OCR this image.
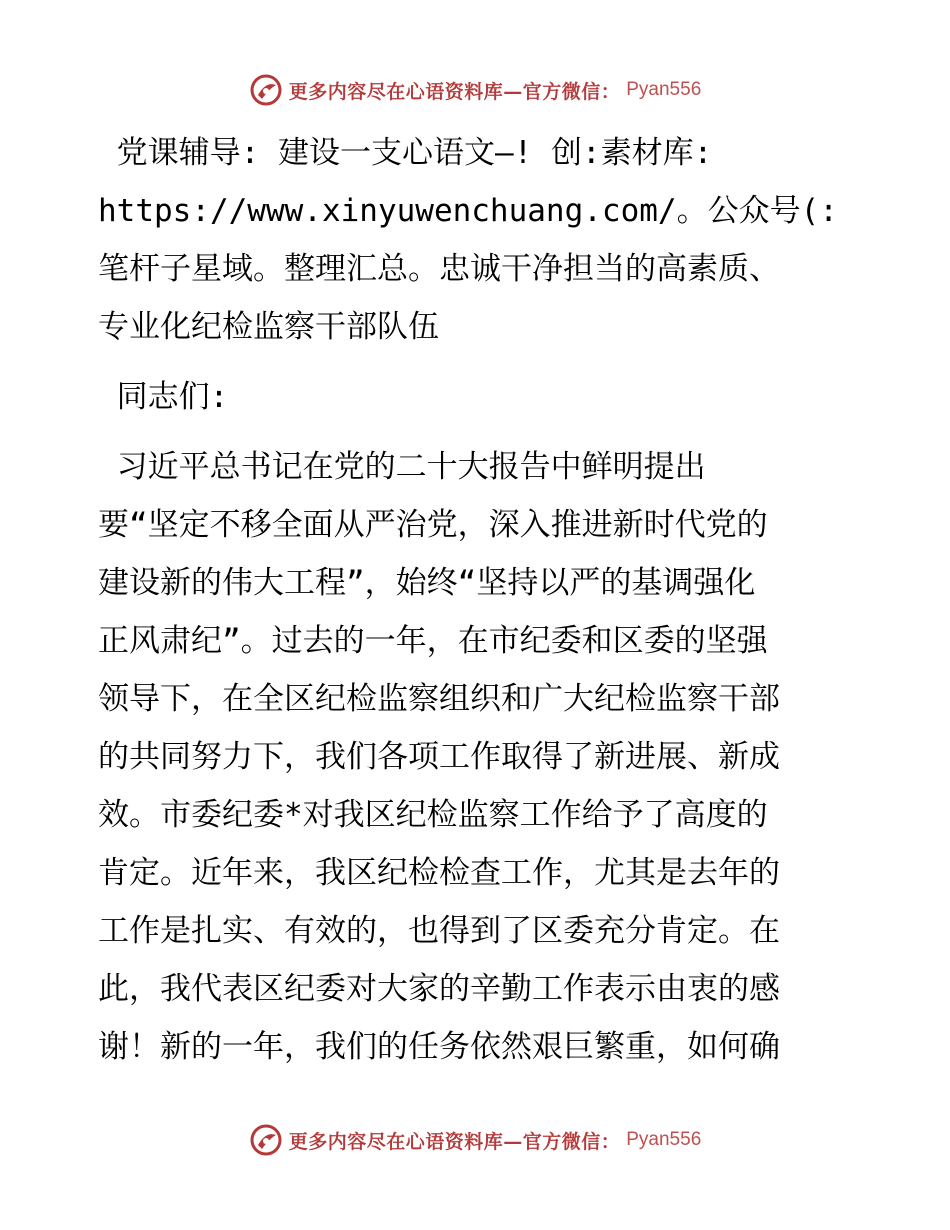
更多内容尽在心语资料库—官方微信： Pyan556
党课辅导: 建设一支心语文—! 创:素材库:
https://www.xinyuwenchuang.com/。公众号(:
笔杆子星域。整理汇总。忠诚干净担当的高素质、
专业化纪检监察干部队伍
同志们:
习近平总书记在党的二十大报告中鲜明提出
要“坚定不移全面从严治党，深入推进新时代党的
建设新的伟大工程”，始终“坚持以严的基调强化
正风肃纪”。过去的一年，在市纪委和区委的坚强
领导下，在全区纪检监察组织和广大纪检监察干部
的共同努力下，我们各项工作取得了新进展、新成
效。市委纪委*对我区纪检监察工作给予了高度的
肯定。近年来，我区纪检检查工作，尤其是去年的
工作是扎实、有效的，也得到了区委充分肯定。在
此，我代表区纪委对大家的辛勤工作表示由衷的感
谢！新的一年，我们的任务依然艰巨繁重，如何确
更多内容尽在心语资料库—官方微信： Pyan556
